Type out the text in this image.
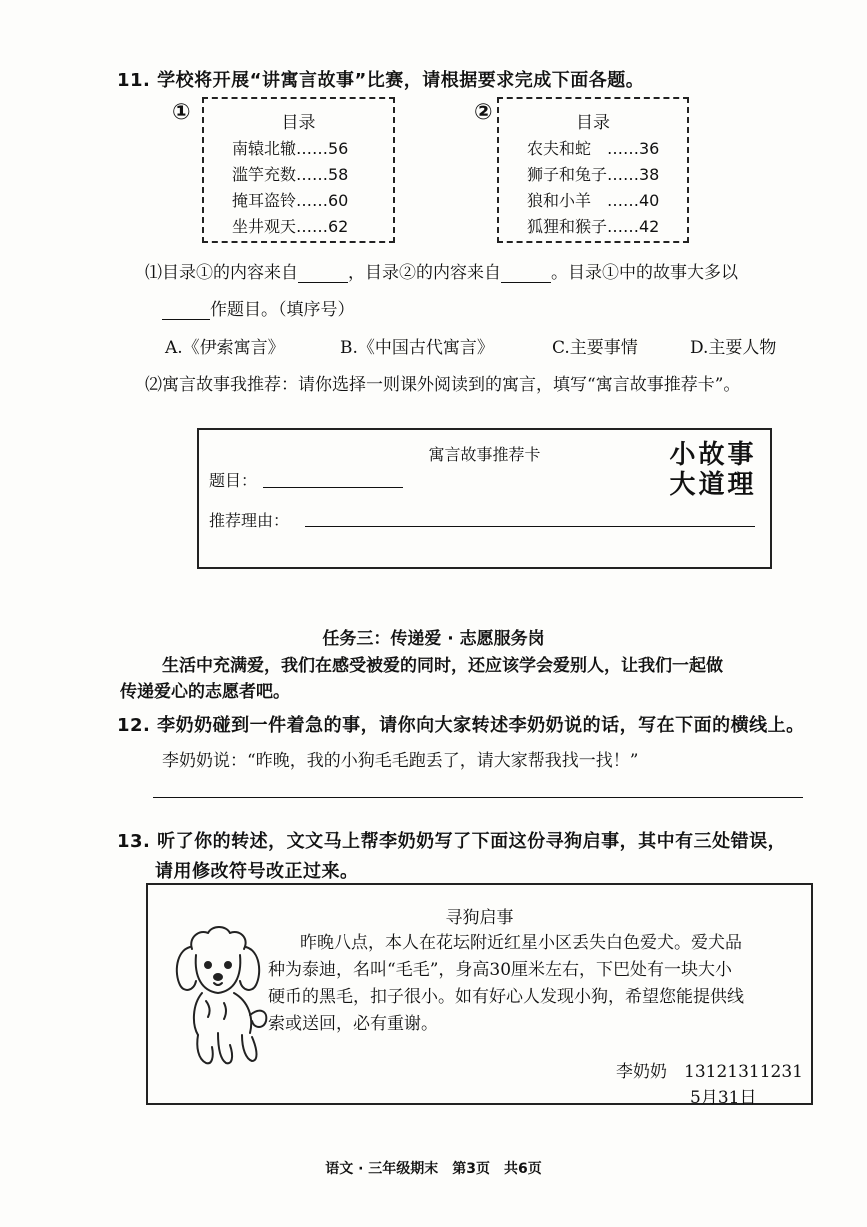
11. 学校将开展“讲寓言故事”比赛，请根据要求完成下面各题。
①	目录
南辕北辙……56
滥竽充数……58
掩耳盗铃……60
坐井观天……62
②	目录
农夫和蛇　……36
狮子和兔子……38
狼和小羊　……40
狐狸和猴子……42
⑴目录①的内容来自	，目录②的内容来自	。目录①中的故事大多以
作题目。（填序号）
A.《伊索寓言》	B.《中国古代寓言》	C.主要事情	D.主要人物
⑵寓言故事我推荐：请你选择一则课外阅读到的寓言，填写“寓言故事推荐卡”。
寓言故事推荐卡
题目：
推荐理由：
小故事
大道理
任务三：传递爱 · 志愿服务岗
生活中充满爱，我们在感受被爱的同时，还应该学会爱别人，让我们一起做
传递爱心的志愿者吧。
12. 李奶奶碰到一件着急的事，请你向大家转述李奶奶说的话，写在下面的横线上。
李奶奶说：“昨晚，我的小狗毛毛跑丢了，请大家帮我找一找！”
13. 听了你的转述，文文马上帮李奶奶写了下面这份寻狗启事，其中有三处错误，
请用修改符号改正过来。
寻狗启事
昨晚八点，本人在花坛附近红星小区丢失白色爱犬。爱犬品
种为泰迪，名叫“毛毛”，身高30厘米左右，下巴处有一块大小
硬币的黑毛，扣子很小。如有好心人发现小狗，希望您能提供线
索或送回，必有重谢。
李奶奶　13121311231
5月31日
语文 · 三年级期末　第3页　共6页
